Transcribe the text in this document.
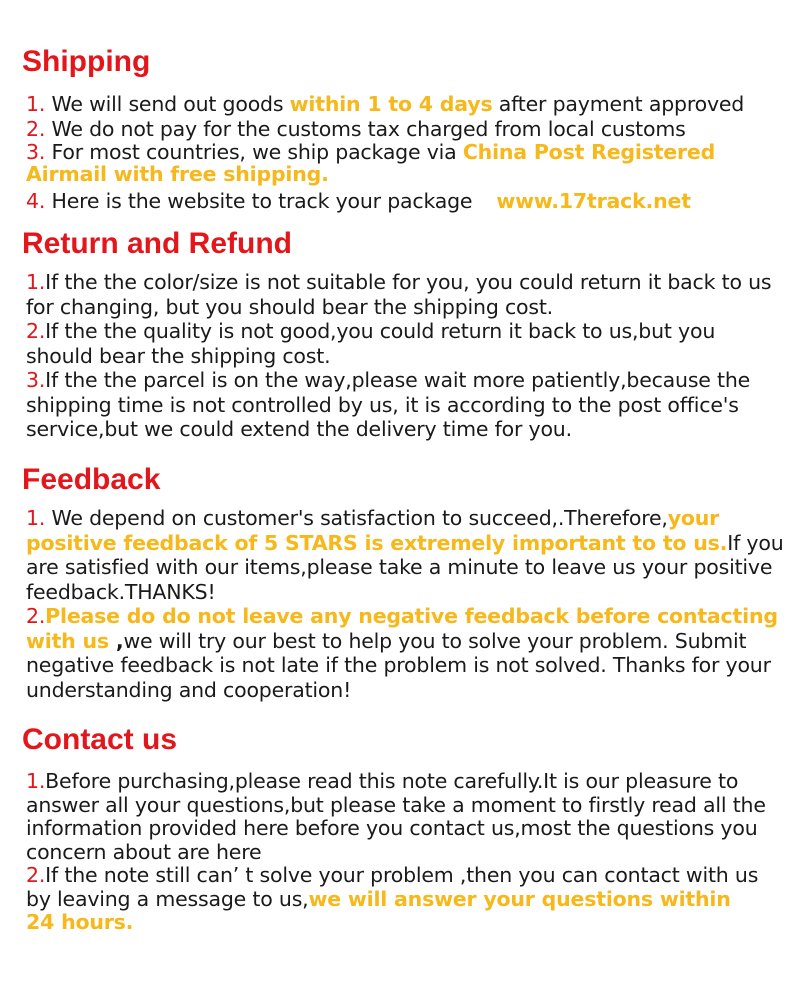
Shipping
1. We will send out goods within 1 to 4 days after payment approved
2. We do not pay for the customs tax charged from local customs
3. For most countries, we ship package via China Post Registered Airmail with free shipping.
4. Here is the website to track your package www.17track.net
Return and Refund
1.If the the color/size is not suitable for you, you could return it back to us for changing, but you should bear the shipping cost.
2.If the the quality is not good,you could return it back to us,but you should bear the shipping cost.
3.If the the parcel is on the way,please wait more patiently,because the shipping time is not controlled by us, it is according to the post office's service,but we could extend the delivery time for you.
Feedback
1. We depend on customer's satisfaction to succeed,.Therefore,your positive feedback of 5 STARS is extremely important to to us.If you are satisfied with our items,please take a minute to leave us your positive feedback.THANKS!
2.Please do do not leave any negative feedback before contacting with us ,we will try our best to help you to solve your problem. Submit negative feedback is not late if the problem is not solved. Thanks for your understanding and cooperation!
Contact us
1.Before purchasing,please read this note carefully.It is our pleasure to answer all your questions,but please take a moment to firstly read all the information provided here before you contact us,most the questions you concern about are here
2.If the note still can’ t solve your problem ,then you can contact with us by leaving a message to us,we will answer your questions within 24 hours.
